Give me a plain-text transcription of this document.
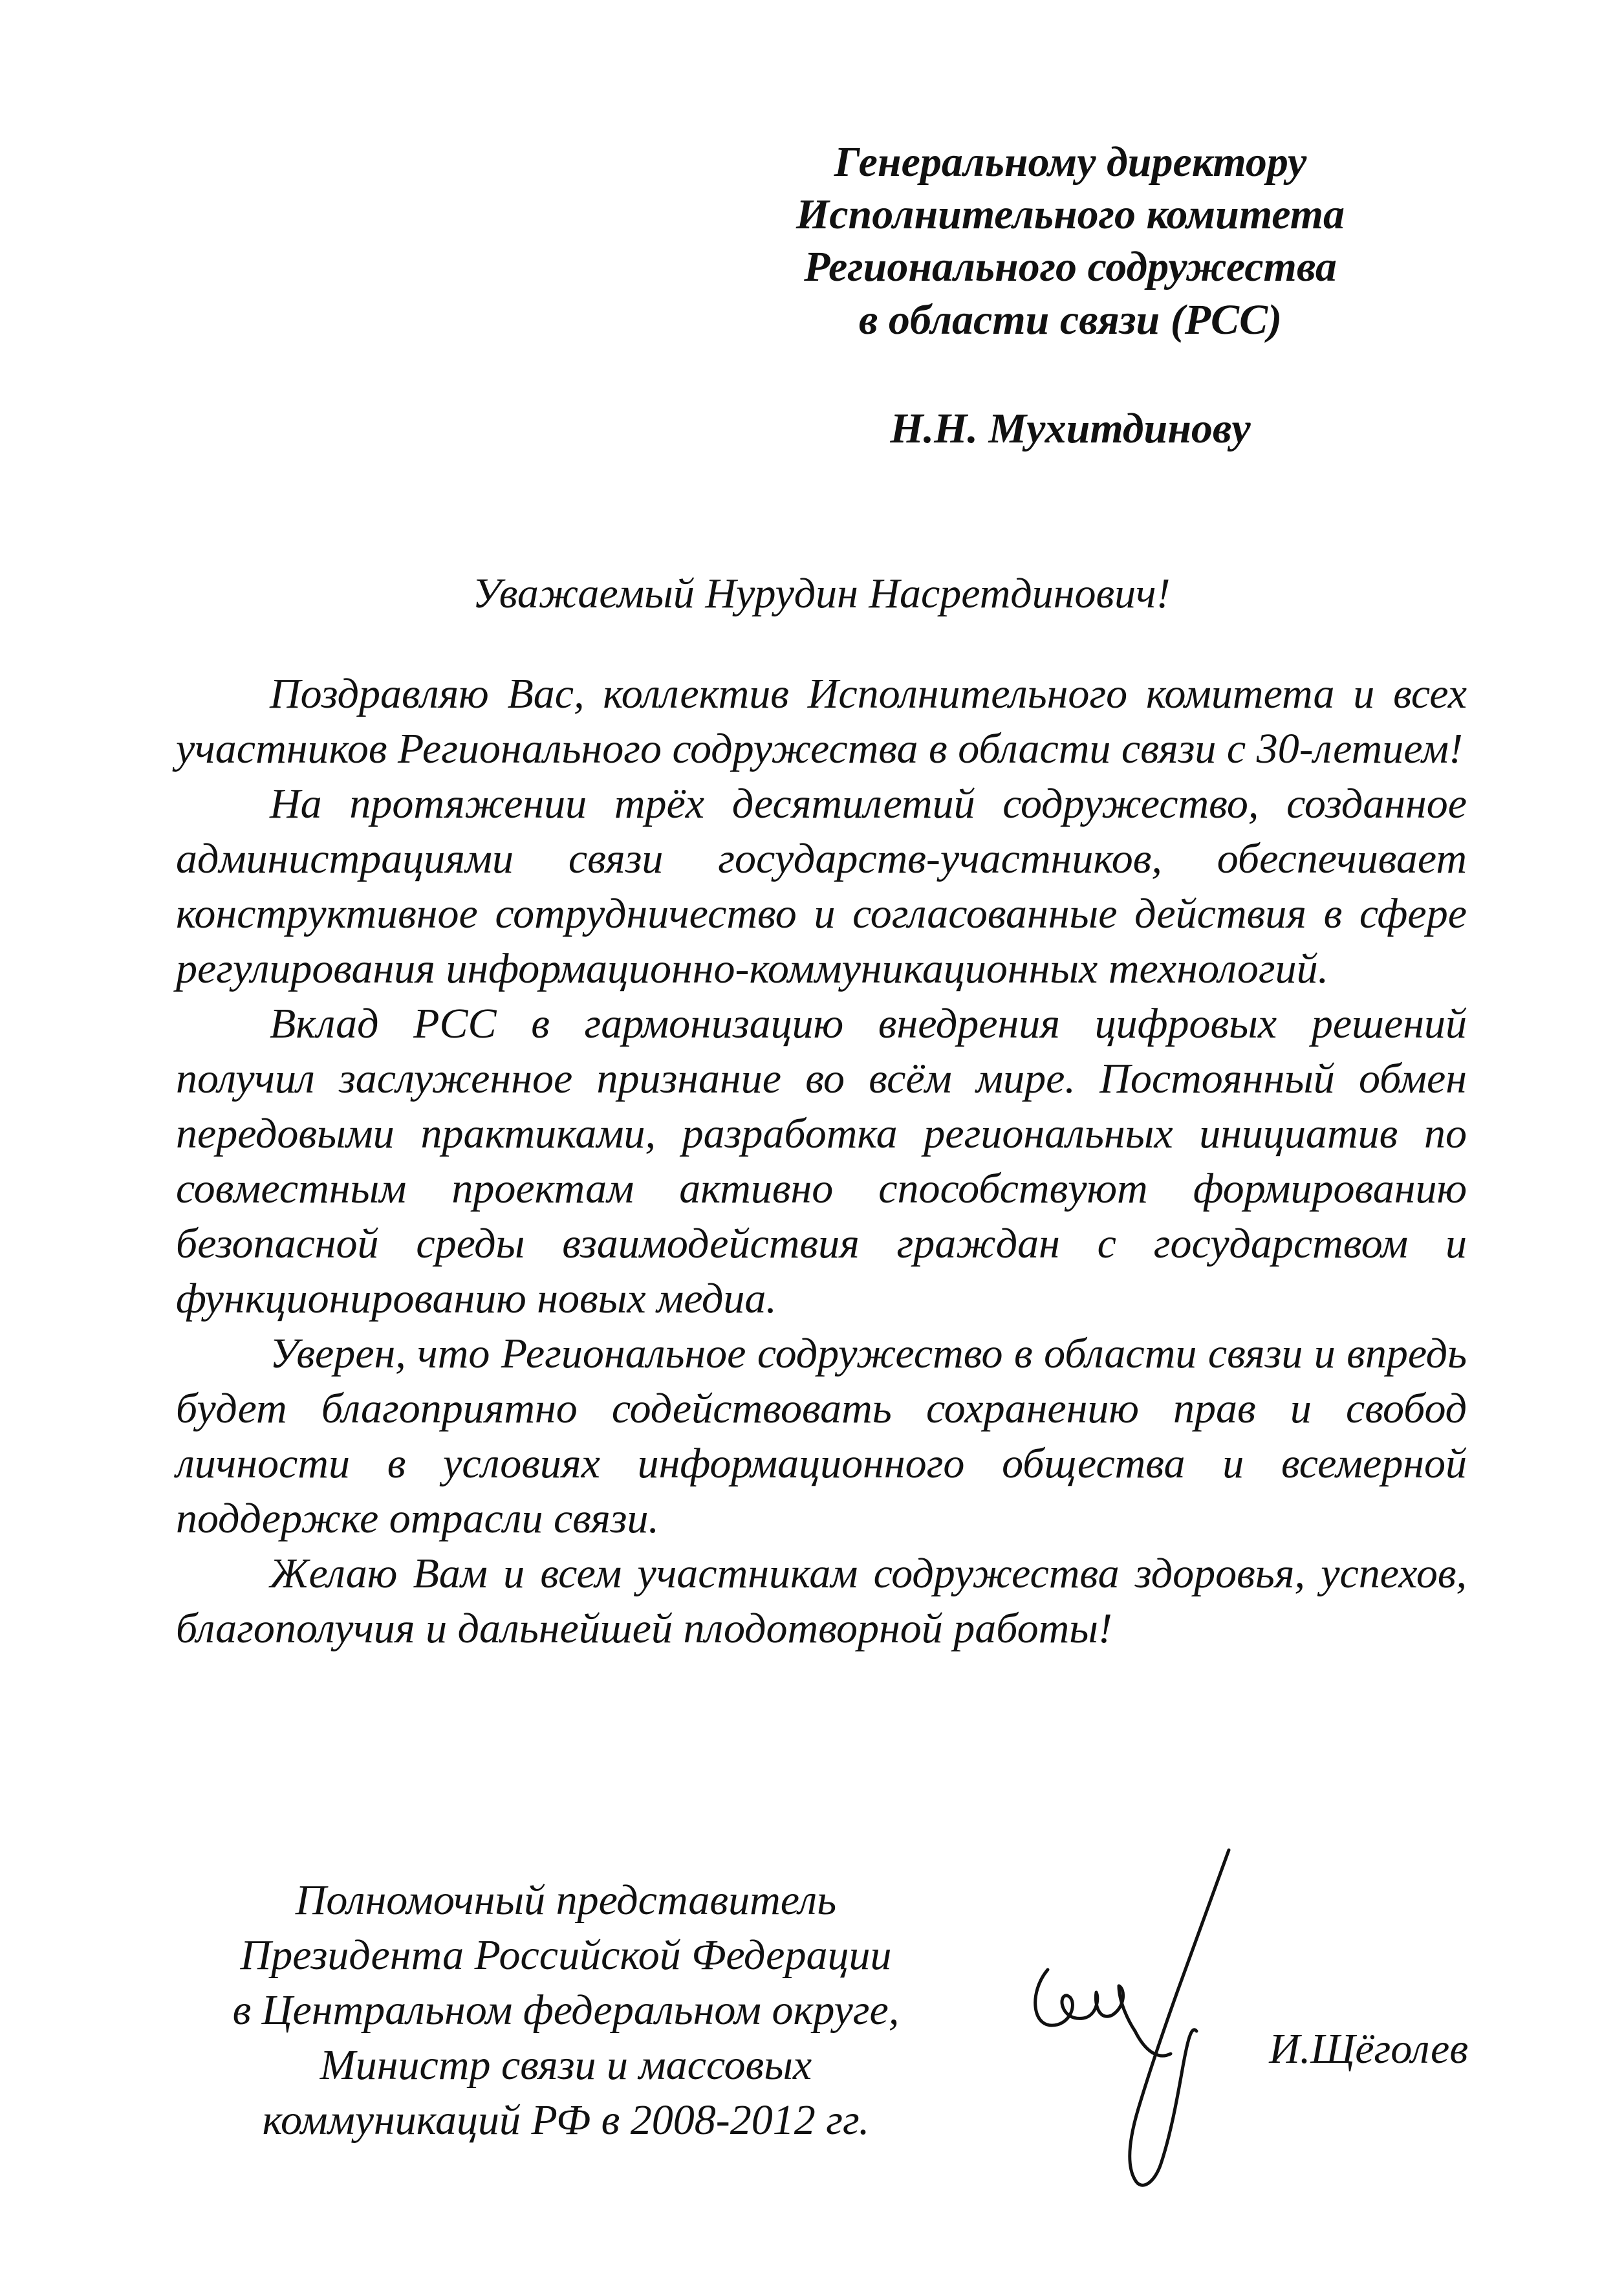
Генеральному директору
Исполнительного комитета
Регионального содружества
в области связи (РСС)
Н.Н. Мухитдинову
Уважаемый Нурудин Насретдинович!

Поздравляю Вас, коллектив Исполнительного комитета и всех участников Регионального содружества в области связи с 30-летием!

На протяжении трёх десятилетий содружество, созданное администрациями связи государств-участников, обеспечивает конструктивное сотрудничество и согласованные действия в сфере регулирования информационно-коммуникационных технологий.

Вклад РСС в гармонизацию внедрения цифровых решений получил заслуженное признание во всём мире. Постоянный обмен передовыми практиками, разработка региональных инициатив по совместным проектам активно способствуют формированию безопасной среды взаимодействия граждан с государством и функционированию новых медиа.

Уверен, что Региональное содружество в области связи и впредь будет благоприятно содействовать сохранению прав и свобод личности в условиях информационного общества и всемерной поддержке отрасли связи.

Желаю Вам и всем участникам содружества здоровья, успехов, благополучия и дальнейшей плодотворной работы!

Полномочный представитель
Президента Российской Федерации
в Центральном федеральном округе,
Министр связи и массовых
коммуникаций РФ в 2008-2012 гг.
И.Щёголев
